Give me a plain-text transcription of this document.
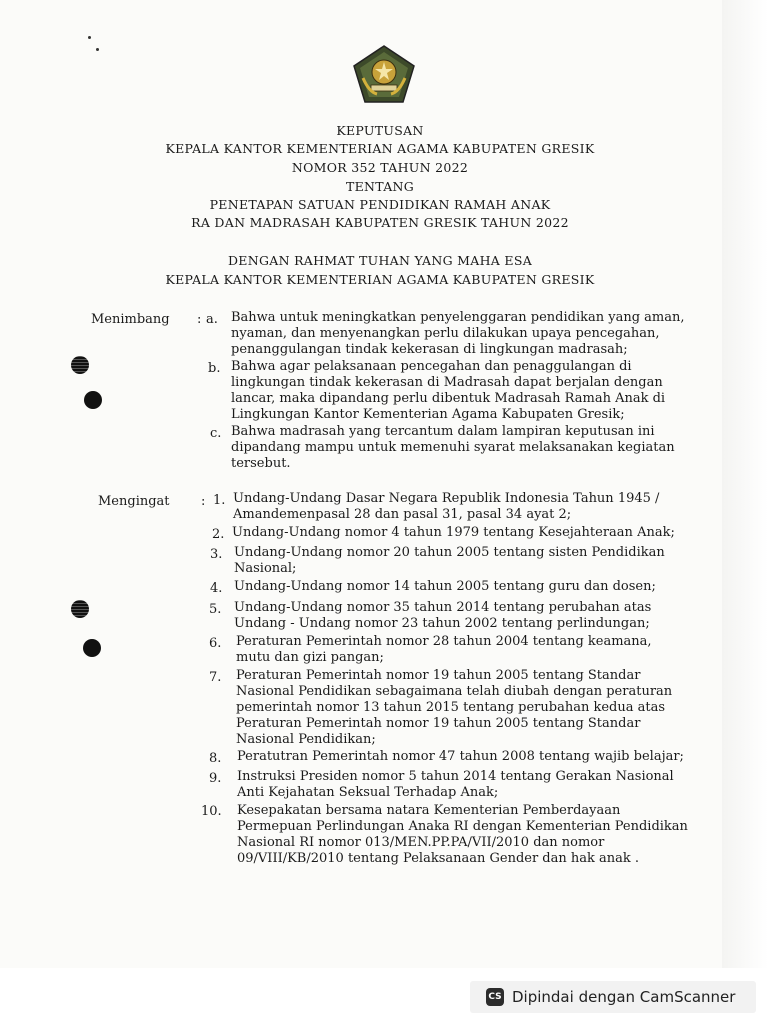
KEPUTUSAN
KEPALA KANTOR KEMENTERIAN AGAMA KABUPATEN GRESIK
NOMOR 352 TAHUN 2022
TENTANG
PENETAPAN SATUAN PENDIDIKAN RAMAH ANAK
RA DAN MADRASAH KABUPATEN GRESIK TAHUN 2022
DENGAN RAHMAT TUHAN YANG MAHA ESA
KEPALA KANTOR KEMENTERIAN AGAMA KABUPATEN GRESIK
Menimbang : a. Bahwa untuk meningkatkan penyelenggaran pendidikan yang aman,
nyaman, dan menyenangkan perlu dilakukan upaya pencegahan,
penanggulangan tindak kekerasan di lingkungan madrasah;
b. Bahwa agar pelaksanaan pencegahan dan penaggulangan di
lingkungan tindak kekerasan di Madrasah dapat berjalan dengan
lancar, maka dipandang perlu dibentuk Madrasah Ramah Anak di
Lingkungan Kantor Kementerian Agama Kabupaten Gresik;
c. Bahwa madrasah yang tercantum dalam lampiran keputusan ini
dipandang mampu untuk memenuhi syarat melaksanakan kegiatan
tersebut.
Mengingat : 1. Undang-Undang Dasar Negara Republik Indonesia Tahun 1945 /
Amandemenpasal 28 dan pasal 31, pasal 34 ayat 2;
2. Undang-Undang nomor 4 tahun 1979 tentang Kesejahteraan Anak;
3. Undang-Undang nomor 20 tahun 2005 tentang sisten Pendidikan
Nasional;
4. Undang-Undang nomor 14 tahun 2005 tentang guru dan dosen;
5. Undang-Undang nomor 35 tahun 2014 tentang perubahan atas
Undang - Undang nomor 23 tahun 2002 tentang perlindungan;
6. Peraturan Pemerintah nomor 28 tahun 2004 tentang keamana,
mutu dan gizi pangan;
7. Peraturan Pemerintah nomor 19 tahun 2005 tentang Standar
Nasional Pendidikan sebagaimana telah diubah dengan peraturan
pemerintah nomor 13 tahun 2015 tentang perubahan kedua atas
Peraturan Pemerintah nomor 19 tahun 2005 tentang Standar
Nasional Pendidikan;
8. Peratutran Pemerintah nomor 47 tahun 2008 tentang wajib belajar;
9. Instruksi Presiden nomor 5 tahun 2014 tentang Gerakan Nasional
Anti Kejahatan Seksual Terhadap Anak;
10. Kesepakatan bersama natara Kementerian Pemberdayaan
Permepuan Perlindungan Anaka RI dengan Kementerian Pendidikan
Nasional RI nomor 013/MEN.PP.PA/VII/2010 dan nomor
09/VIII/KB/2010 tentang Pelaksanaan Gender dan hak anak .
CS Dipindai dengan CamScanner
